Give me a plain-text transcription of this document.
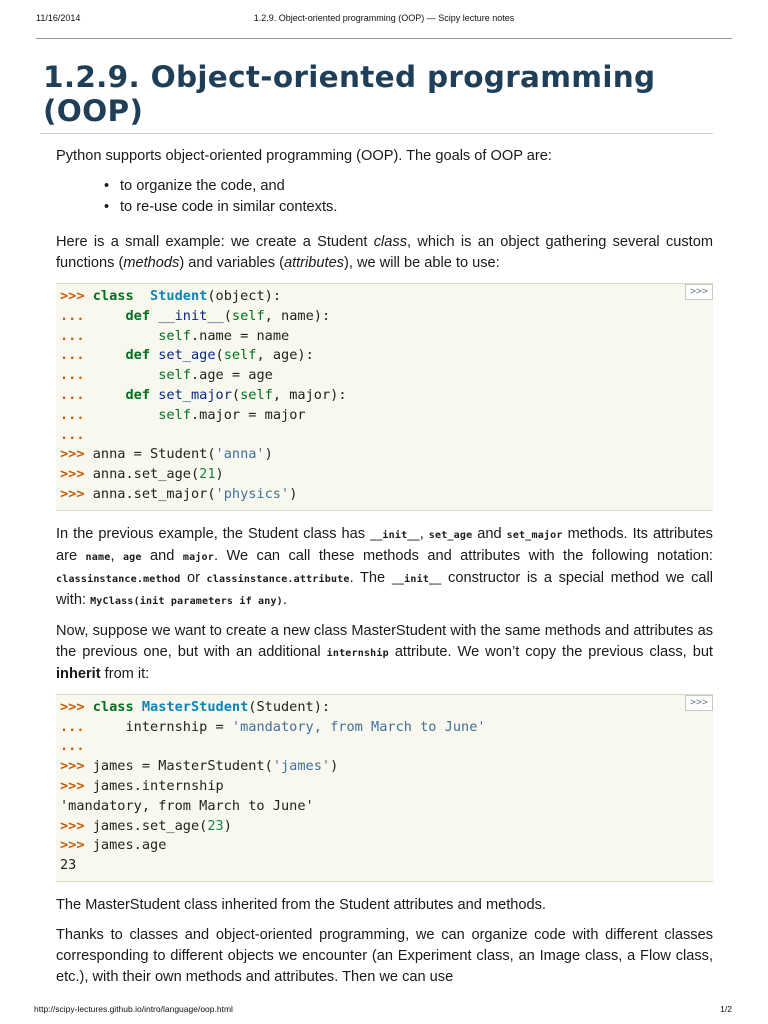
11/16/2014	1.2.9. Object-oriented programming (OOP) — Scipy lecture notes
1.2.9. Object-oriented programming (OOP)

Python supports object-oriented programming (OOP). The goals of OOP are:

• to organize the code, and
• to re-use code in similar contexts.

Here is a small example: we create a Student class, which is an object gathering several custom functions (methods) and variables (attributes), we will be able to use:

>>>
>>> class Student(object):
...     def __init__(self, name):
...	self.name = name
...     def set_age(self, age):
...	self.age = age
...     def set_major(self, major):
...	self.major = major
...
>>> anna = Student('anna')
>>> anna.set_age(21)
>>> anna.set_major('physics')

In the previous example, the Student class has __init__, set_age and set_major methods. Its attributes are name, age and major. We can call these methods and attributes with the following notation: classinstance.method or classinstance.attribute. The __init__ constructor is a special method we call with: MyClass(init parameters if any).

Now, suppose we want to create a new class MasterStudent with the same methods and attributes as the previous one, but with an additional internship attribute. We won’t copy the previous class, but inherit from it:

>>>
>>> class MasterStudent(Student):
...     internship = 'mandatory, from March to June'
...
>>> james = MasterStudent('james')
>>> james.internship
'mandatory, from March to June'
>>> james.set_age(23)
>>> james.age
23

The MasterStudent class inherited from the Student attributes and methods.

Thanks to classes and object-oriented programming, we can organize code with different classes corresponding to different objects we encounter (an Experiment class, an Image class, a Flow class, etc.), with their own methods and attributes. Then we can use

http://scipy-lectures.github.io/intro/language/oop.html	1/2
